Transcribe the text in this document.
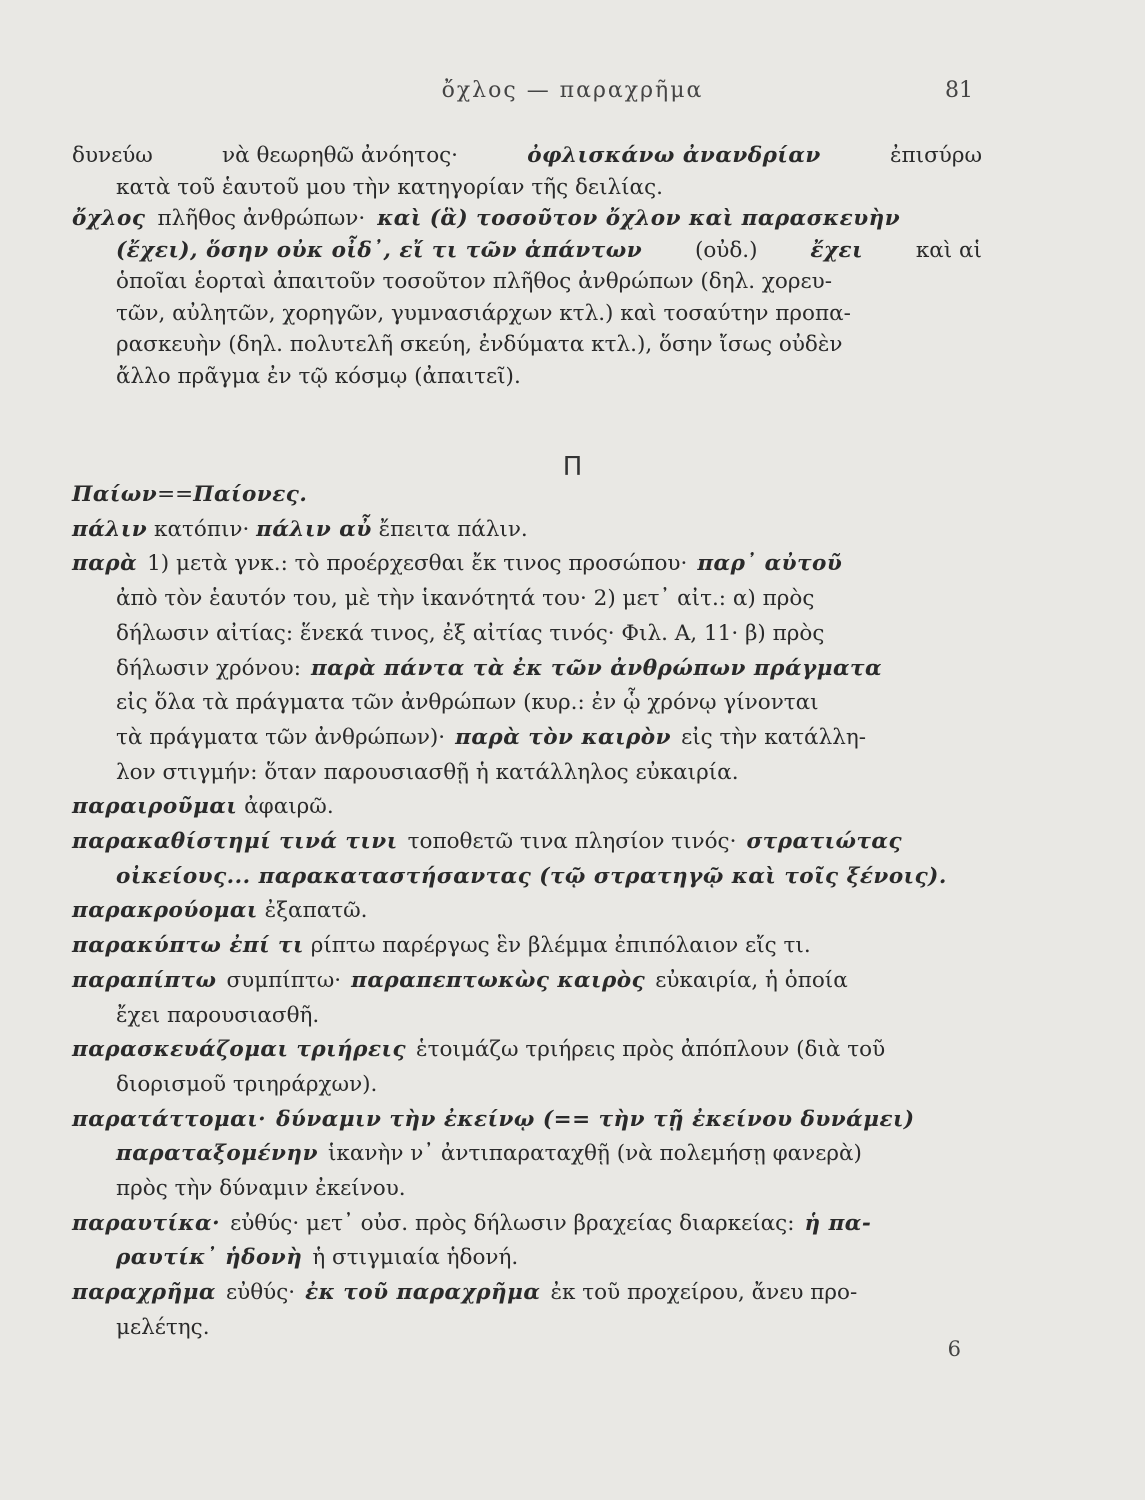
ὄχλος — παραχρῆμα	81
δυνεύω	νὰ θεωρηθῶ ἀνόητος·	ὀφλισκάνω ἀνανδρίαν	ἐπισύρω
κατὰ τοῦ ἑαυτοῦ μου τὴν κατηγορίαν τῆς δειλίας.
ὄχλος πλῆθος ἀνθρώπων· καὶ (ἃ) τοσοῦτον ὄχλον καὶ παρασκευὴν
(ἔχει), ὅσην οὐκ οἶδ᾽, εἴ τι τῶν ἁπάντων (οὐδ.) ἔχει καὶ αἱ
ὁποῖαι ἑορταὶ ἀπαιτοῦν τοσοῦτον πλῆθος ἀνθρώπων (δηλ. χορευ-
τῶν, αὐλητῶν, χορηγῶν, γυμνασιάρχων κτλ.) καὶ τοσαύτην προπα-
ρασκευὴν (δηλ. πολυτελῆ σκεύη, ἐνδύματα κτλ.), ὅσην ἴσως οὐδὲν
ἄλλο πρᾶγμα ἐν τῷ κόσμῳ (ἀπαιτεῖ).
Π
Παίων==Παίονες.
πάλιν κατόπιν· πάλιν αὖ ἔπειτα πάλιν.
παρὰ 1) μετὰ γνκ.: τὸ προέρχεσθαι ἔκ τινος προσώπου· παρ᾽ αὐτοῦ
ἀπὸ τὸν ἑαυτόν του, μὲ τὴν ἱκανότητά του· 2) μετ᾽ αἰτ.: α) πρὸς
δήλωσιν αἰτίας: ἕνεκά τινος, ἐξ αἰτίας τινός· Φιλ. Α, 11· β) πρὸς
δήλωσιν χρόνου: παρὰ πάντα τὰ ἐκ τῶν ἀνθρώπων πράγματα
εἰς ὅλα τὰ πράγματα τῶν ἀνθρώπων (κυρ.: ἐν ᾧ χρόνῳ γίνονται
τὰ πράγματα τῶν ἀνθρώπων)· παρὰ τὸν καιρὸν εἰς τὴν κατάλλη-
λον στιγμήν: ὅταν παρουσιασθῇ ἡ κατάλληλος εὐκαιρία.
παραιροῦμαι ἀφαιρῶ.
παρακαθίστημί τινά τινι τοποθετῶ τινα πλησίον τινός· στρατιώτας
οἰκείους... παρακαταστήσαντας (τῷ στρατηγῷ καὶ τοῖς ξένοις).
παρακρούομαι ἐξαπατῶ.
παρακύπτω ἐπί τι ρίπτω παρέργως ἓν βλέμμα ἐπιπόλαιον εἴς τι.
παραπίπτω συμπίπτω· παραπεπτωκὼς καιρὸς εὐκαιρία, ἡ ὁποία
ἔχει παρουσιασθῆ.
παρασκευάζομαι τριήρεις ἑτοιμάζω τριήρεις πρὸς ἀπόπλουν (διὰ τοῦ
διορισμοῦ τριηράρχων).
παρατάττομαι· δύναμιν τὴν ἐκείνῳ (== τὴν τῇ ἐκείνου δυνάμει)
παραταξομένην ἱκανὴν ν᾽ ἀντιπαραταχθῇ (νὰ πολεμήσῃ φανερὰ)
πρὸς τὴν δύναμιν ἐκείνου.
παραυτίκα· εὐθύς· μετ᾽ οὐσ. πρὸς δήλωσιν βραχείας διαρκείας: ἡ πα-
ραυτίκ᾽ ἡδονὴ ἡ στιγμιαία ἡδονή.
παραχρῆμα εὐθύς· ἐκ τοῦ παραχρῆμα ἐκ τοῦ προχείρου, ἄνευ προ-
μελέτης.
6
